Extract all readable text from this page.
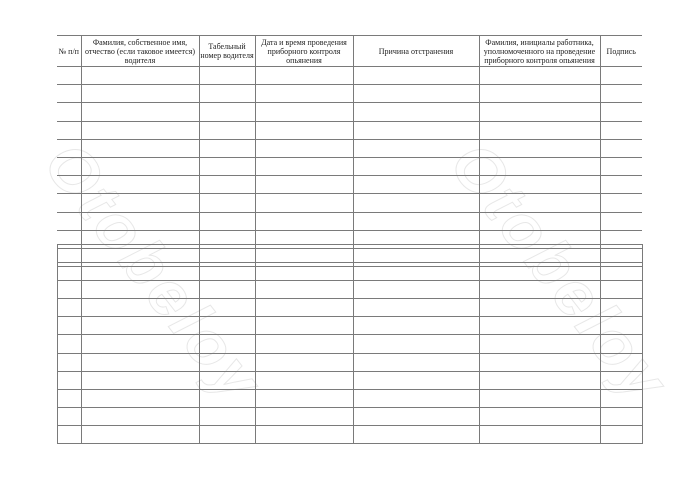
Otobeloy Otobeloy
№ п/п	Фамилия, собственное имя, отчество (если таковое имеется) водителя	Табельный номер водителя	Дата и время проведения приборного контроля опьянения	Причина отстранения	Фамилия, инициалы работника, уполномоченного на проведение приборного контроля опьянения	Подпись
